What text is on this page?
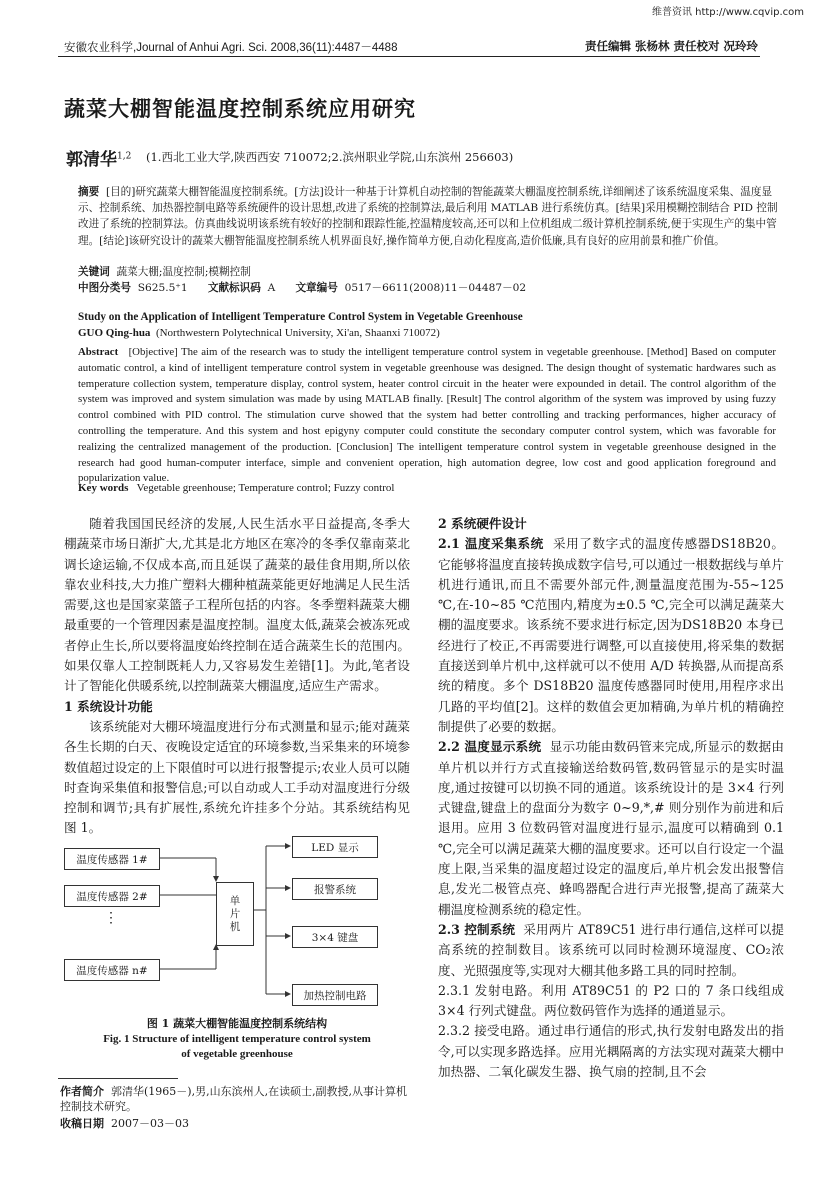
维普资讯 http://www.cqvip.com
安徽农业科学,Journal of Anhui Agri. Sci. 2008,36(11):4487－4488	责任编辑 张杨林 责任校对 况玲玲
蔬菜大棚智能温度控制系统应用研究
郭清华$^{1,2}$ (1.西北工业大学,陕西西安 710072;2.滨州职业学院,山东滨州 256603)
摘要 [目的]研究蔬菜大棚智能温度控制系统。[方法]设计一种基于计算机自动控制的智能蔬菜大棚温度控制系统,详细阐述了该系统温度采集、温度显示、控制系统、加热器控制电路等系统硬件的设计思想,改进了系统的控制算法,最后利用 MATLAB 进行系统仿真。[结果]采用模糊控制结合 PID 控制改进了系统的控制算法。仿真曲线说明该系统有较好的控制和跟踪性能,控温精度较高,还可以和上位机组成二级计算机控制系统,便于实现生产的集中管理。[结论]该研究设计的蔬菜大棚智能温度控制系统人机界面良好,操作简单方便,自动化程度高,造价低廉,具有良好的应用前景和推广价值。
关键词 蔬菜大棚;温度控制;模糊控制
中图分类号 S625.5⁺1 文献标识码 A 文章编号 0517－6611(2008)11－04487－02
Study on the Application of Intelligent Temperature Control System in Vegetable Greenhouse
GUO Qing-hua (Northwestern Polytechnical University, Xi'an, Shaanxi 710072)
Abstract [Objective] The aim of the research was to study the intelligent temperature control system in vegetable greenhouse. [Method] Based on computer automatic control, a kind of intelligent temperature control system in vegetable greenhouse was designed. The design thought of systematic hardwares such as temperature collection system, temperature display, control system, heater control circuit in the heater were expounded in detail. The control algorithm of the system was improved and system simulation was made by using MATLAB finally. [Result] The control algorithm of the system was improved by using fuzzy control combined with PID control. The stimulation curve showed that the system had better controlling and tracking performances, higher accuracy of controlling the temperature. And this system and host epigyny computer could constitute the secondary computer control system, which was favorable for realizing the centralized management of the production. [Conclusion] The intelligent temperature control system in vegetable greenhouse designed in the research had good human-computer interface, simple and convenient operation, high automation degree, low cost and good application foreground and popularization value.
Key words Vegetable greenhouse; Temperature control; Fuzzy control

随着我国国民经济的发展,人民生活水平日益提高,冬季大棚蔬菜市场日渐扩大,尤其是北方地区在寒冷的冬季仅靠南菜北调长途运输,不仅成本高,而且延误了蔬菜的最佳食用期,所以依靠农业科技,大力推广塑料大棚种植蔬菜能更好地满足人民生活需要,这也是国家菜篮子工程所包括的内容。冬季塑料蔬菜大棚最重要的一个管理因素是温度控制。温度太低,蔬菜会被冻死或者停止生长,所以要将温度始终控制在适合蔬菜生长的范围内。如果仅靠人工控制既耗人力,又容易发生差错[1]。为此,笔者设计了智能化供暖系统,以控制蔬菜大棚温度,适应生产需求。

1 系统设计功能

该系统能对大棚环境温度进行分布式测量和显示;能对蔬菜各生长期的白天、夜晚设定适宜的环境参数,当采集来的环境参数值超过设定的上下限值时可以进行报警提示;农业人员可以随时查询采集值和报警信息;可以自动或人工手动对温度进行分级控制和调节;具有扩展性,系统允许挂多个分站。其系统结构见图 1。

温度传感器 1#
温度传感器 2#
⋮
温度传感器 n#
单
片
机
LED 显示
报警系统
3×4 键盘
加热控制电路
图 1 蔬菜大棚智能温度控制系统结构
Fig. 1 Structure of intelligent temperature control system
of vegetable greenhouse
作者简介 郭清华(1965－),男,山东滨州人,在读硕士,副教授,从事计算机控制技术研究。
收稿日期 2007－03－03

2 系统硬件设计

2.1 温度采集系统 采用了数字式的温度传感器DS18B20。它能够将温度直接转换成数字信号,可以通过一根数据线与单片机进行通讯,而且不需要外部元件,测量温度范围为-55~125 ℃,在-10~85 ℃范围内,精度为±0.5 ℃,完全可以满足蔬菜大棚的温度要求。该系统不要求进行标定,因为DS18B20 本身已经进行了校正,不再需要进行调整,可以直接使用,将采集的数据直接送到单片机中,这样就可以不使用 A/D 转换器,从而提高系统的精度。多个 DS18B20 温度传感器同时使用,用程序求出几路的平均值[2]。这样的数值会更加精确,为单片机的精确控制提供了必要的数据。

2.2 温度显示系统 显示功能由数码管来完成,所显示的数据由单片机以并行方式直接输送给数码管,数码管显示的是实时温度,通过按键可以切换不同的通道。该系统设计的是 3×4 行列式键盘,键盘上的盘面分为数字 0~9,*,# 则分别作为前进和后退用。应用 3 位数码管对温度进行显示,温度可以精确到 0.1 ℃,完全可以满足蔬菜大棚的温度要求。还可以自行设定一个温度上限,当采集的温度超过设定的温度后,单片机会发出报警信息,发光二极管点亮、蜂鸣器配合进行声光报警,提高了蔬菜大棚温度检测系统的稳定性。

2.3 控制系统 采用两片 AT89C51 进行串行通信,这样可以提高系统的控制数目。该系统可以同时检测环境湿度、CO₂浓度、光照强度等,实现对大棚其他多路工具的同时控制。

2.3.1 发射电路。利用 AT89C51 的 P2 口的 7 条口线组成3×4 行列式键盘。两位数码管作为选择的通道显示。

2.3.2 接受电路。通过串行通信的形式,执行发射电路发出的指令,可以实现多路选择。应用光耦隔离的方法实现对蔬菜大棚中加热器、二氧化碳发生器、换气扇的控制,且不会
